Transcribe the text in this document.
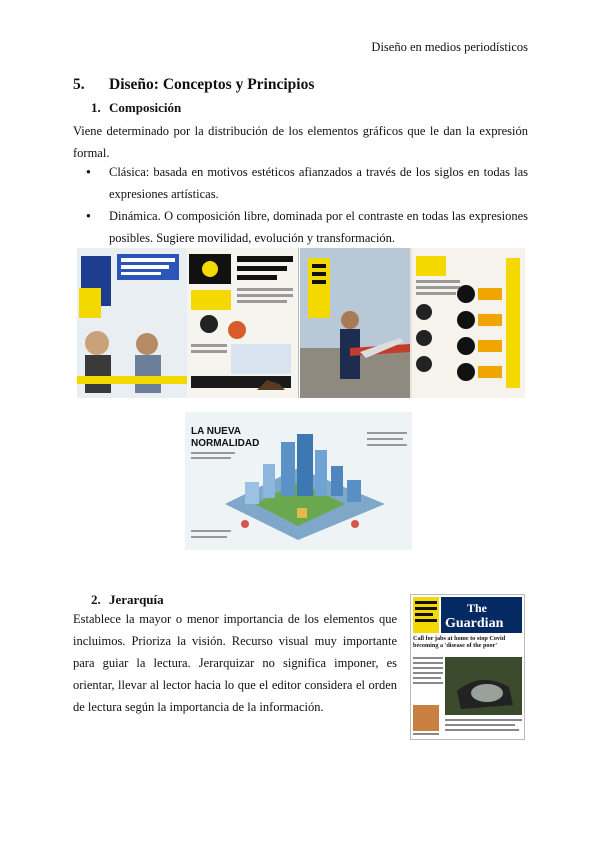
Diseño en medios periodísticos
5. Diseño: Conceptos y Principios
1. Composición
Viene determinado por la distribución de los elementos gráficos que le dan la expresión formal.
● Clásica: basada en motivos estéticos afianzados a través de los siglos en todas las expresiones artísticas.
● Dinámica. O composición libre, dominada por el contraste en todas las expresiones posibles. Sugiere movilidad, evolución y transformación.
LA NUEVA
NORMALIDAD
2. Jerarquía
Establece la mayor o menor importancia de los elementos que incluimos. Prioriza la visión. Recurso visual muy importante para guiar la lectura. Jerarquizar no significa imponer, es orientar, llevar al lector hacia lo que el editor considera el orden de lectura según la importancia de la información.
The
Guardian
Call for jabs at home to stop Covid becoming a 'disease of the poor'
